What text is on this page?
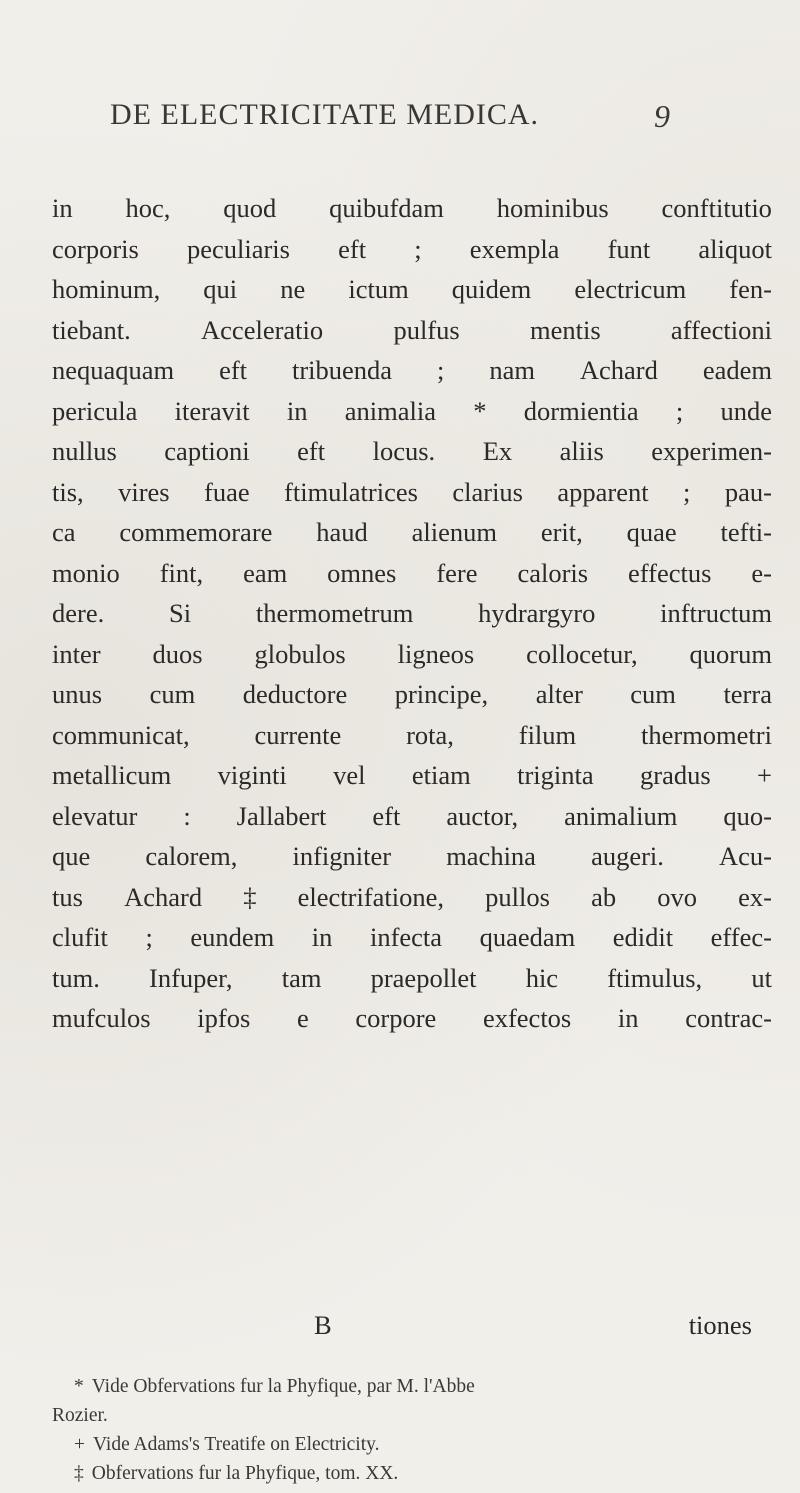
DE ELECTRICITATE MEDICA.	9
in hoc, quod quibufdam hominibus conftitutio
corporis peculiaris eft ; exempla funt aliquot
hominum, qui ne ictum quidem electricum fen-
tiebant.	Acceleratio	pulfus	mentis	affectioni
nequaquam eft tribuenda ; nam Achard eadem
pericula iteravit in animalia * dormientia ; unde
nullus captioni eft locus. Ex aliis experimen-
tis, vires fuae ftimulatrices clarius apparent ; pau-
ca commemorare haud alienum erit, quae tefti-
monio fint, eam omnes fere caloris effectus e-
dere. Si thermometrum hydrargyro inftructum
inter duos globulos ligneos collocetur, quorum
unus cum deductore principe, alter cum terra
communicat, currente rota, filum thermometri
metallicum viginti vel etiam triginta gradus +
elevatur : Jallabert eft auctor, animalium quo-
que calorem, infigniter machina augeri. Acu-
tus Achard ‡ electrifatione, pullos ab ovo ex-
clufit ; eundem in infecta quaedam edidit effec-
tum. Infuper, tam praepollet hic ftimulus, ut
mufculos ipfos e corpore exfectos in contrac-
B	tiones
* Vide Obfervations fur la Phyfique, par M. l'Abbe
Rozier.
+ Vide Adams's Treatife on Electricity.
‡ Obfervations fur la Phyfique, tom. XX.
